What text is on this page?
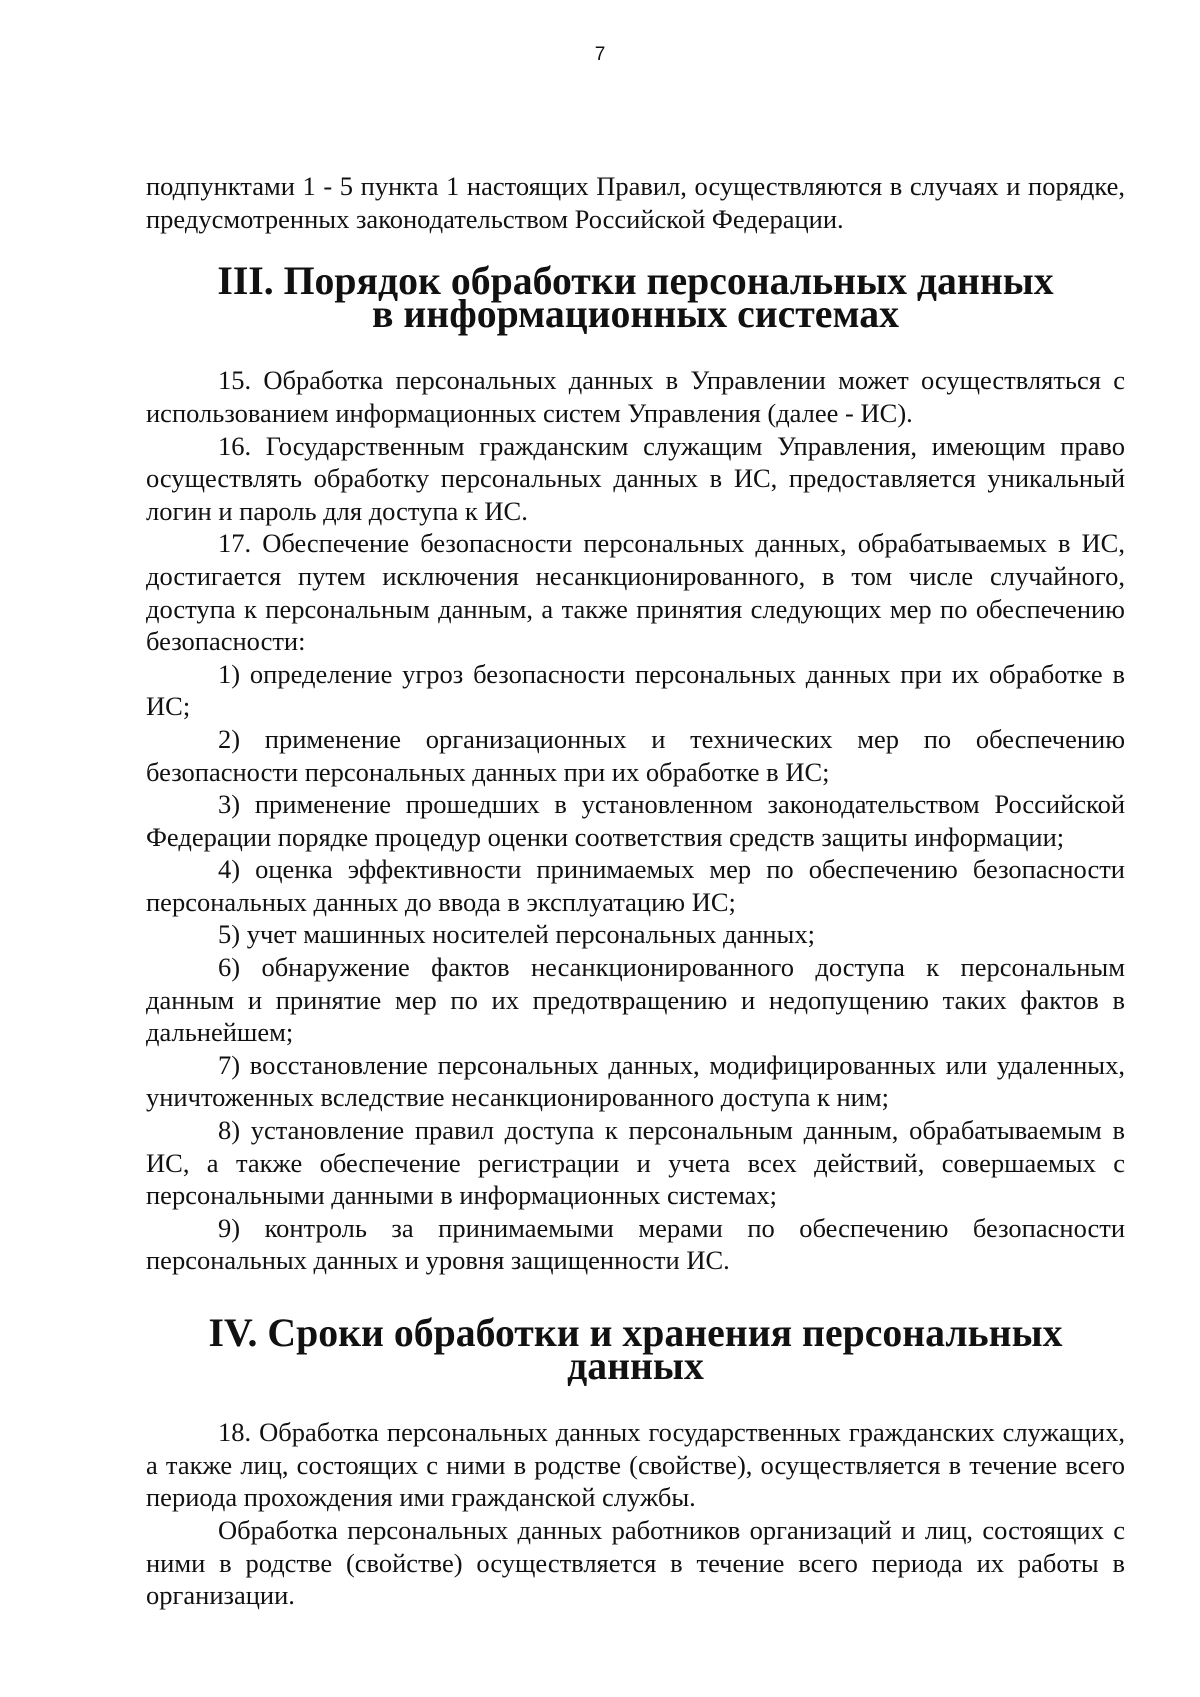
7

подпунктами 1 - 5 пункта 1 настоящих Правил, осуществляются в случаях и порядке, предусмотренных законодательством Российской Федерации.

III. Порядок обработки персональных данных в информационных системах

15. Обработка персональных данных в Управлении может осуществляться с использованием информационных систем Управления (далее - ИС).

16. Государственным гражданским служащим Управления, имеющим право осуществлять обработку персональных данных в ИС, предоставляется уникальный логин и пароль для доступа к ИС.

17. Обеспечение безопасности персональных данных, обрабатываемых в ИС, достигается путем исключения несанкционированного, в том числе случайного, доступа к персональным данным, а также принятия следующих мер по обеспечению безопасности:

1) определение угроз безопасности персональных данных при их обработке в ИС;

2) применение организационных и технических мер по обеспечению безопасности персональных данных при их обработке в ИС;

3) применение прошедших в установленном законодательством Российской Федерации порядке процедур оценки соответствия средств защиты информации;

4) оценка эффективности принимаемых мер по обеспечению безопасности персональных данных до ввода в эксплуатацию ИС;

5) учет машинных носителей персональных данных;

6) обнаружение фактов несанкционированного доступа к персональным данным и принятие мер по их предотвращению и недопущению таких фактов в дальнейшем;

7) восстановление персональных данных, модифицированных или удаленных, уничтоженных вследствие несанкционированного доступа к ним;

8) установление правил доступа к персональным данным, обрабатываемым в ИС, а также обеспечение регистрации и учета всех действий, совершаемых с персональными данными в информационных системах;

9) контроль за принимаемыми мерами по обеспечению безопасности персональных данных и уровня защищенности ИС.

IV. Сроки обработки и хранения персональных данных

18. Обработка персональных данных государственных гражданских служащих, а также лиц, состоящих с ними в родстве (свойстве), осуществляется в течение всего периода прохождения ими гражданской службы.

Обработка персональных данных работников организаций и лиц, состоящих с ними в родстве (свойстве) осуществляется в течение всего периода их работы в организации.
